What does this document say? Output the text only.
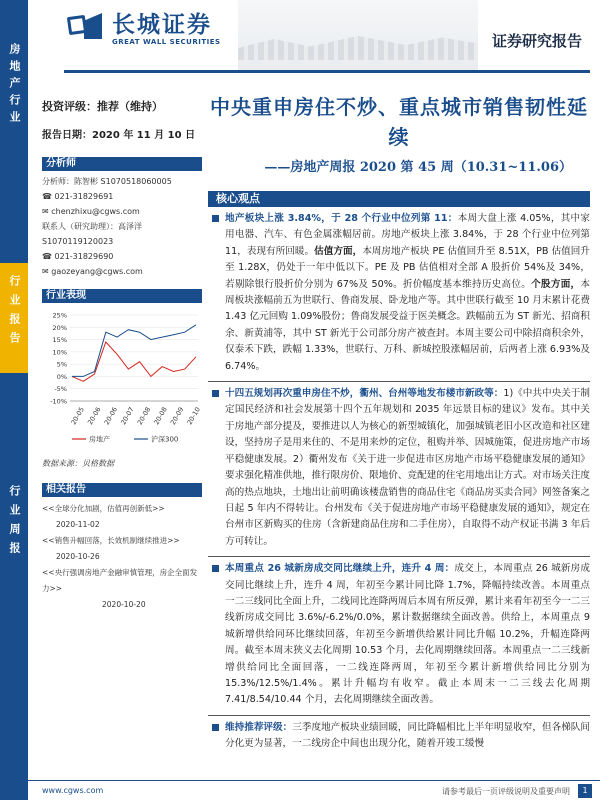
房地产行业
行业报告
行业周报
长城证券
GREAT WALL SECURITIES	证券研究报告
投资评级：推荐（维持）
报告日期：2020 年 11 月 10 日
分析师
分析师：陈智彬 S1070518060005
☎ 021-31829691
✉ chenzhixu@cgws.com
联系人（研究助理）：高泽洋
S1070119120023
☎ 021-31829690
✉ gaozeyang@cgws.com
行业表现
25%
20%
15%
10%
5%
0%
-5%
-10%
20-05 20-06 20-06 20-07 20-08 20-08 20-09 20-10
房地产	沪深300
数据来源：贝格数据
相关报告
<<全球分化加剧，估值再创新低>>
2020-11-02
<<销售升幅回落，长效机制继续推进>>
2020-10-26
<<央行强调房地产金融审慎管理，房企全面发力>>
2020-10-20
中央重申房住不炒、重点城市销售韧性延续
——房地产周报 2020 第 45 周（10.31~11.06）
核心观点
地产板块上涨 3.84%，于 28 个行业中位列第 11：本周大盘上涨 4.05%，其中家用电器、汽车、有色金属涨幅居前。房地产板块上涨 3.84%，于 28 个行业中位列第 11，表现有所回暖。估值方面，本周房地产板块 PE 估值回升至 8.51X，PB 估值回升至 1.28X，仍处于一年中低以下。PE 及 PB 估值相对全部 A 股折价 54%及 34%，若剔除银行股折价分别为 67%及 50%。折价幅度基本维持历史高位。个股方面，本周板块涨幅前五为世联行、鲁商发展、卧龙地产等。其中世联行截至 10 月末累计花费 1.43 亿元回购 1.09%股份；鲁商发展受益于医美概念。跌幅前五为 ST 新光、招商积余、新黄浦等，其中 ST 新光于公司部分房产被查封。本周主要公司中除招商积余外，仅泰禾下跌，跌幅 1.33%，世联行、万科、新城控股涨幅居前，后两者上涨 6.93%及 6.74%。
十四五规划再次重申房住不炒，衢州、台州等地发布楼市新政等：1)《中共中央关于制定国民经济和社会发展第十四个五年规划和 2035 年远景目标的建议》发布。其中关于房地产部分提及，要推进以人为核心的新型城镇化，加强城镇老旧小区改造和社区建设，坚持房子是用来住的、不是用来炒的定位，租购并举、因城施策，促进房地产市场平稳健康发展。2）衢州发布《关于进一步促进市区房地产市场平稳健康发展的通知》要求强化精准供地，推行限房价、限地价、竞配建的住宅用地出让方式。对市场关注度高的热点地块，土地出让前明确该楼盘销售的商品住宅《商品房买卖合同》网签备案之日起 5 年内不得转让。台州发布《关于促进房地产市场平稳健康发展的通知》，规定在台州市区新购买的住房（含新建商品住房和二手住房），自取得不动产权证书满 3 年后方可转让。
本周重点 26 城新房成交同比继续上升，连升 4 周：成交上，本周重点 26 城新房成交同比继续上升，连升 4 周，年初至今累计同比降 1.7%，降幅持续改善。本周重点一二三线同比全面上升，二线同比连降两周后本周有所反弹，累计来看年初至今一二三线新房成交同比 3.6%/-6.2%/0.0%，累计数据继续全面改善。供给上，本周重点 9 城新增供给同环比继续回落，年初至今新增供给累计同比升幅 10.2%，升幅连降两周。截至本周末狭义去化周期 10.53 个月，去化周期继续回落。本周重点一二三线新增供给同比全面回落，一二线连降两周，年初至今累计新增供给同比分别为 15.3%/12.5%/1.4%。累计升幅均有收窄。截止本周末一二三线去化周期 7.41/8.54/10.44 个月，去化周期继续全面改善。
维持推荐评级：三季度地产板块业绩回暖，同比降幅相比上半年明显收窄，但各梯队间分化更为显著，一二线房企中间也出现分化，随着开竣工缓慢
www.cgws.com	请参考最后一页评级说明及重要声明	1
